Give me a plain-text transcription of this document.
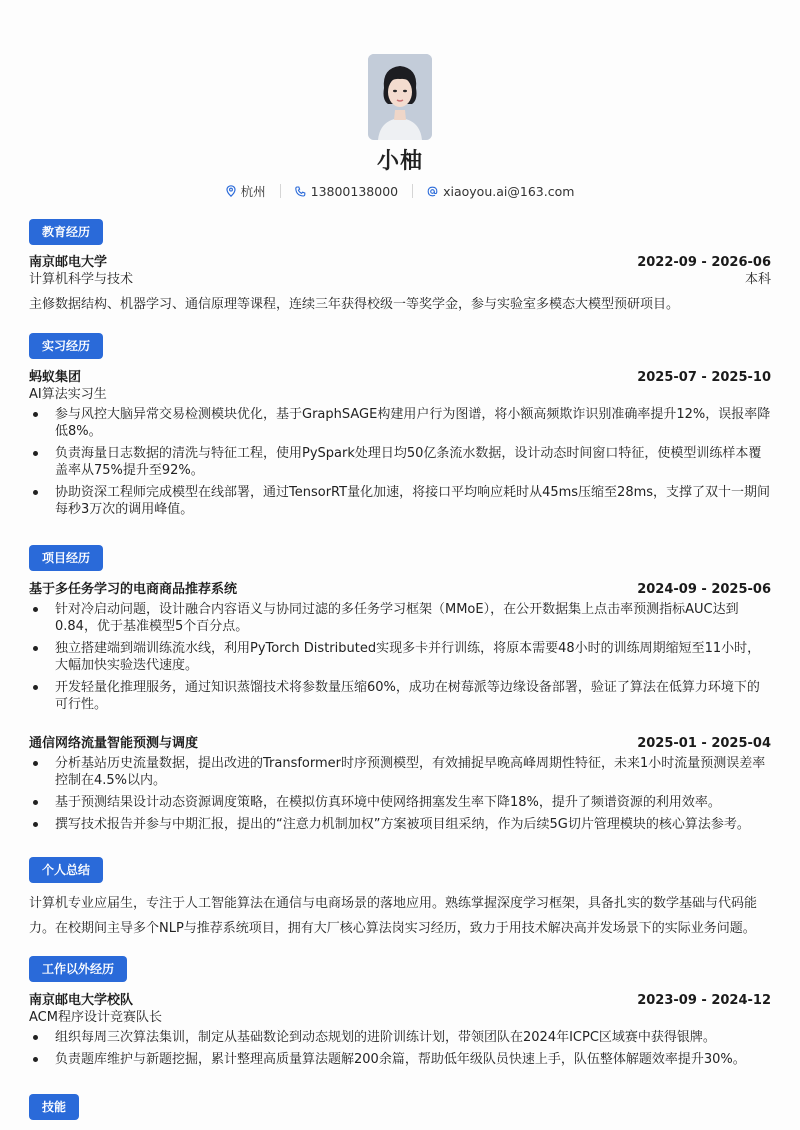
小柚
杭州	13800138000	xiaoyou.ai@163.com
教育经历
南京邮电大学	2022-09 - 2026-06
计算机科学与技术	本科
主修数据结构、机器学习、通信原理等课程，连续三年获得校级一等奖学金，参与实验室多模态大模型预研项目。
实习经历
蚂蚁集团	2025-07 - 2025-10
AI算法实习生
参与风控大脑异常交易检测模块优化，基于GraphSAGE构建用户行为图谱，将小额高频欺诈识别准确率提升12%，误报率降低8%。
负责海量日志数据的清洗与特征工程，使用PySpark处理日均50亿条流水数据，设计动态时间窗口特征，使模型训练样本覆盖率从75%提升至92%。
协助资深工程师完成模型在线部署，通过TensorRT量化加速，将接口平均响应耗时从45ms压缩至28ms，支撑了双十一期间每秒3万次的调用峰值。
项目经历
基于多任务学习的电商商品推荐系统	2024-09 - 2025-06
针对冷启动问题，设计融合内容语义与协同过滤的多任务学习框架（MMoE），在公开数据集上点击率预测指标AUC达到0.84，优于基准模型5个百分点。
独立搭建端到端训练流水线，利用PyTorch Distributed实现多卡并行训练，将原本需要48小时的训练周期缩短至11小时，大幅加快实验迭代速度。
开发轻量化推理服务，通过知识蒸馏技术将参数量压缩60%，成功在树莓派等边缘设备部署，验证了算法在低算力环境下的可行性。
通信网络流量智能预测与调度	2025-01 - 2025-04
分析基站历史流量数据，提出改进的Transformer时序预测模型，有效捕捉早晚高峰周期性特征，未来1小时流量预测误差率控制在4.5%以内。
基于预测结果设计动态资源调度策略，在模拟仿真环境中使网络拥塞发生率下降18%，提升了频谱资源的利用效率。
撰写技术报告并参与中期汇报，提出的“注意力机制加权”方案被项目组采纳，作为后续5G切片管理模块的核心算法参考。
个人总结
计算机专业应届生，专注于人工智能算法在通信与电商场景的落地应用。熟练掌握深度学习框架，具备扎实的数学基础与代码能力。在校期间主导多个NLP与推荐系统项目，拥有大厂核心算法岗实习经历，致力于用技术解决高并发场景下的实际业务问题。
工作以外经历
南京邮电大学校队	2023-09 - 2024-12
ACM程序设计竞赛队长
组织每周三次算法集训，制定从基础数论到动态规划的进阶训练计划，带领团队在2024年ICPC区域赛中获得银牌。
负责题库维护与新题挖掘，累计整理高质量算法题解200余篇，帮助低年级队员快速上手，队伍整体解题效率提升30%。
技能
